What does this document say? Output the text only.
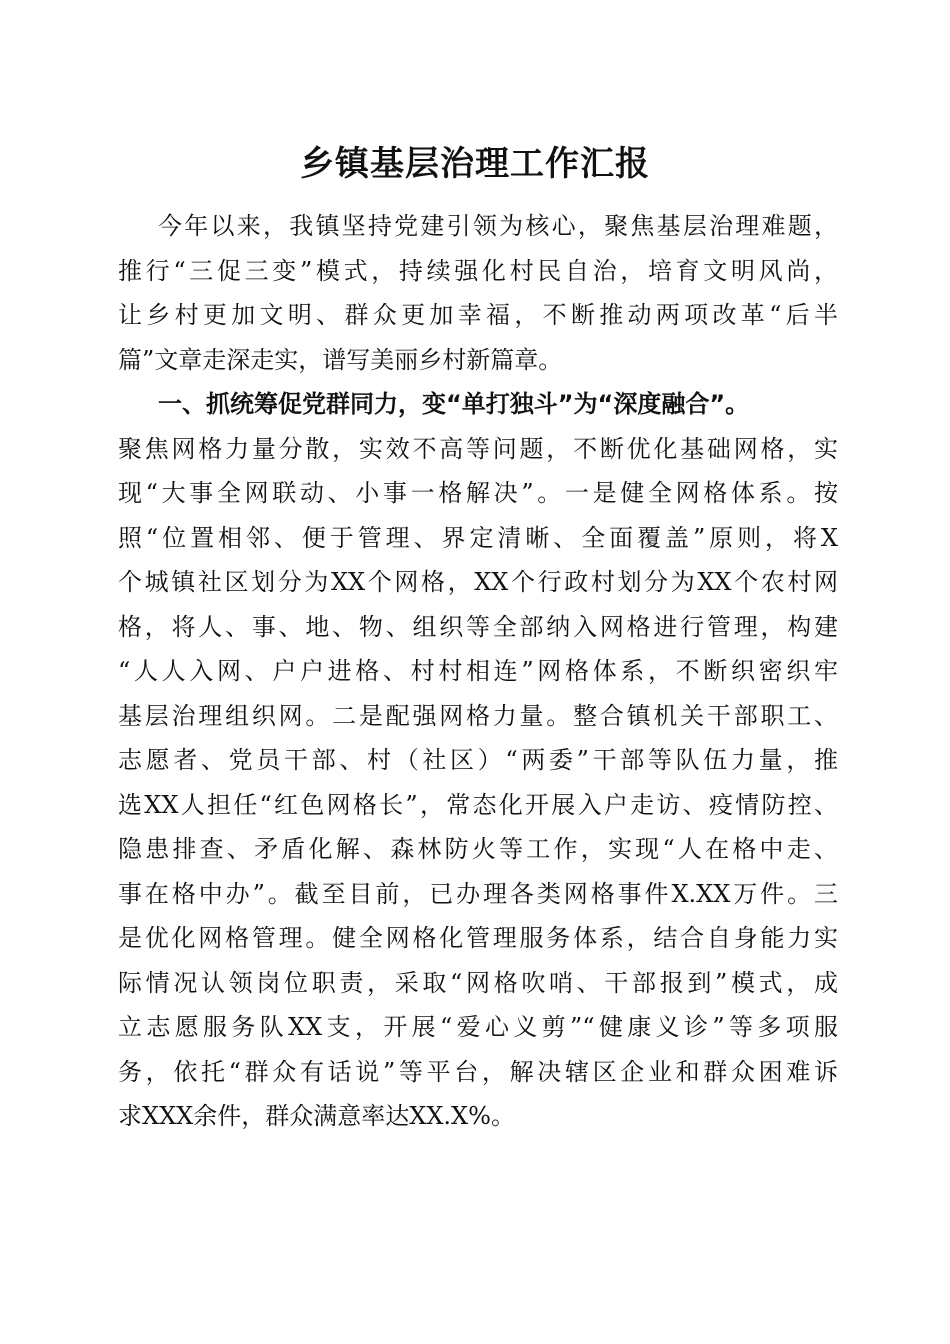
乡镇基层治理工作汇报
今年以来，我镇坚持党建引领为核心，聚焦基层治理难题，
推行“三促三变”模式，持续强化村民自治，培育文明风尚，
让乡村更加文明、群众更加幸福，不断推动两项改革“后半
篇”文章走深走实，谱写美丽乡村新篇章。
一、抓统筹促党群同力，变“单打独斗”为“深度融合”。
聚焦网格力量分散，实效不高等问题，不断优化基础网格，实
现“大事全网联动、小事一格解决”。一是健全网格体系。按
照“位置相邻、便于管理、界定清晰、全面覆盖”原则，将X
个城镇社区划分为XX个网格，XX个行政村划分为XX个农村网
格，将人、事、地、物、组织等全部纳入网格进行管理，构建
“人人入网、户户进格、村村相连”网格体系，不断织密织牢
基层治理组织网。二是配强网格力量。整合镇机关干部职工、
志愿者、党员干部、村（社区）“两委”干部等队伍力量，推
选XX人担任“红色网格长”，常态化开展入户走访、疫情防控、
隐患排查、矛盾化解、森林防火等工作，实现“人在格中走、
事在格中办”。截至目前，已办理各类网格事件X.XX万件。三
是优化网格管理。健全网格化管理服务体系，结合自身能力实
际情况认领岗位职责，采取“网格吹哨、干部报到”模式，成
立志愿服务队XX支，开展“爱心义剪”“健康义诊”等多项服
务，依托“群众有话说”等平台，解决辖区企业和群众困难诉
求XXX余件，群众满意率达XX.X%。
